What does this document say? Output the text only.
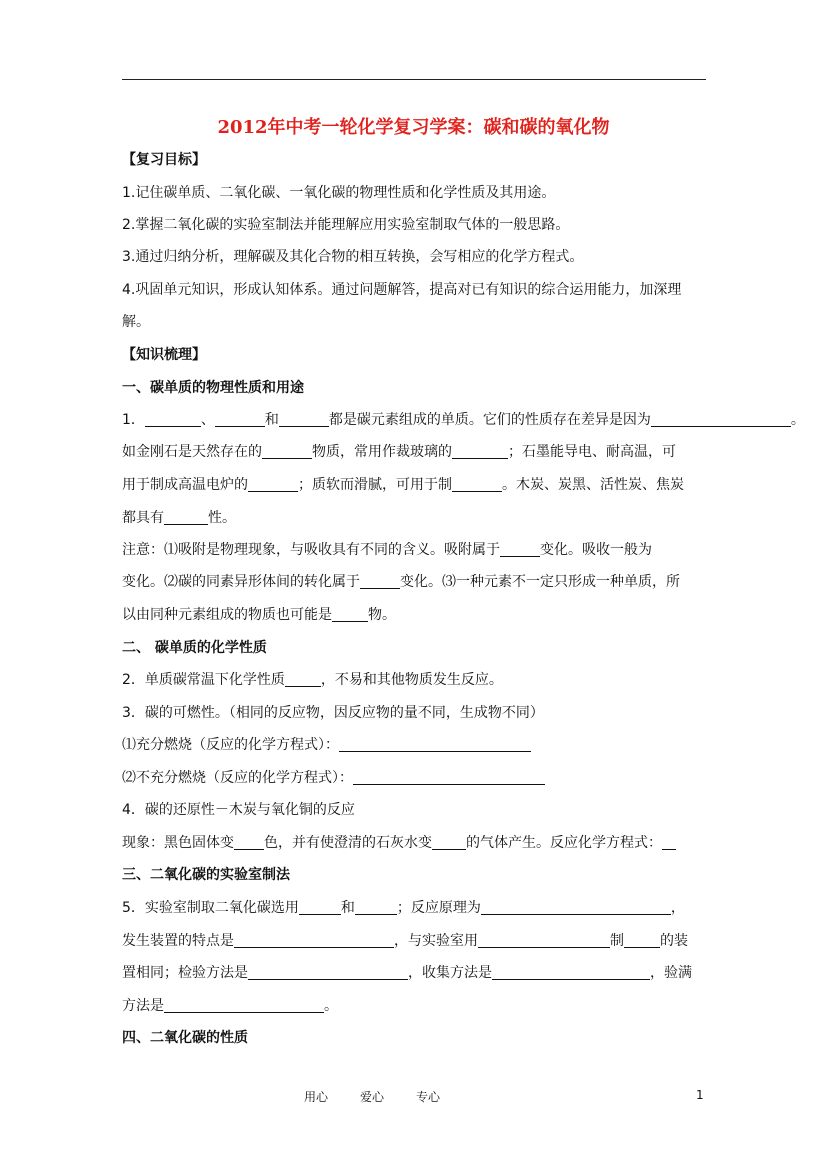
2012年中考一轮化学复习学案：碳和碳的氧化物
【复习目标】
1.记住碳单质、二氧化碳、一氧化碳的物理性质和化学性质及其用途。
2.掌握二氧化碳的实验室制法并能理解应用实验室制取气体的一般思路。
3.通过归纳分析，理解碳及其化合物的相互转换，会写相应的化学方程式。
4.巩固单元知识，形成认知体系。通过问题解答，提高对已有知识的综合运用能力，加深理
解。
【知识梳理】
一、碳单质的物理性质和用途
1．	、	和	都是碳元素组成的单质。它们的性质存在差异是因为	。
如金刚石是天然存在的	物质，常用作裁玻璃的	；石墨能导电、耐高温，可
用于制成高温电炉的	；质软而滑腻，可用于制	。木炭、炭黑、活性炭、焦炭
都具有	性。
注意：⑴吸附是物理现象，与吸收具有不同的含义。吸附属于	变化。吸收一般为
变化。⑵碳的同素异形体间的转化属于	变化。⑶一种元素不一定只形成一种单质，所
以由同种元素组成的物质也可能是	物。
二、 碳单质的化学性质
2．单质碳常温下化学性质	，不易和其他物质发生反应。
3．碳的可燃性。（相同的反应物，因反应物的量不同，生成物不同）
⑴充分燃烧（反应的化学方程式）：
⑵不充分燃烧（反应的化学方程式）：
4．碳的还原性－木炭与氧化铜的反应
现象：黑色固体变 色，并有使澄清的石灰水变 的气体产生。反应化学方程式：
三、二氧化碳的实验室制法
5．实验室制取二氧化碳选用	和	；反应原理为	，
发生装置的特点是	，与实验室用	制	的装
置相同；检验方法是	，收集方法是	，验满
方法是	。
四、二氧化碳的性质
用心	爱心	专心	1
